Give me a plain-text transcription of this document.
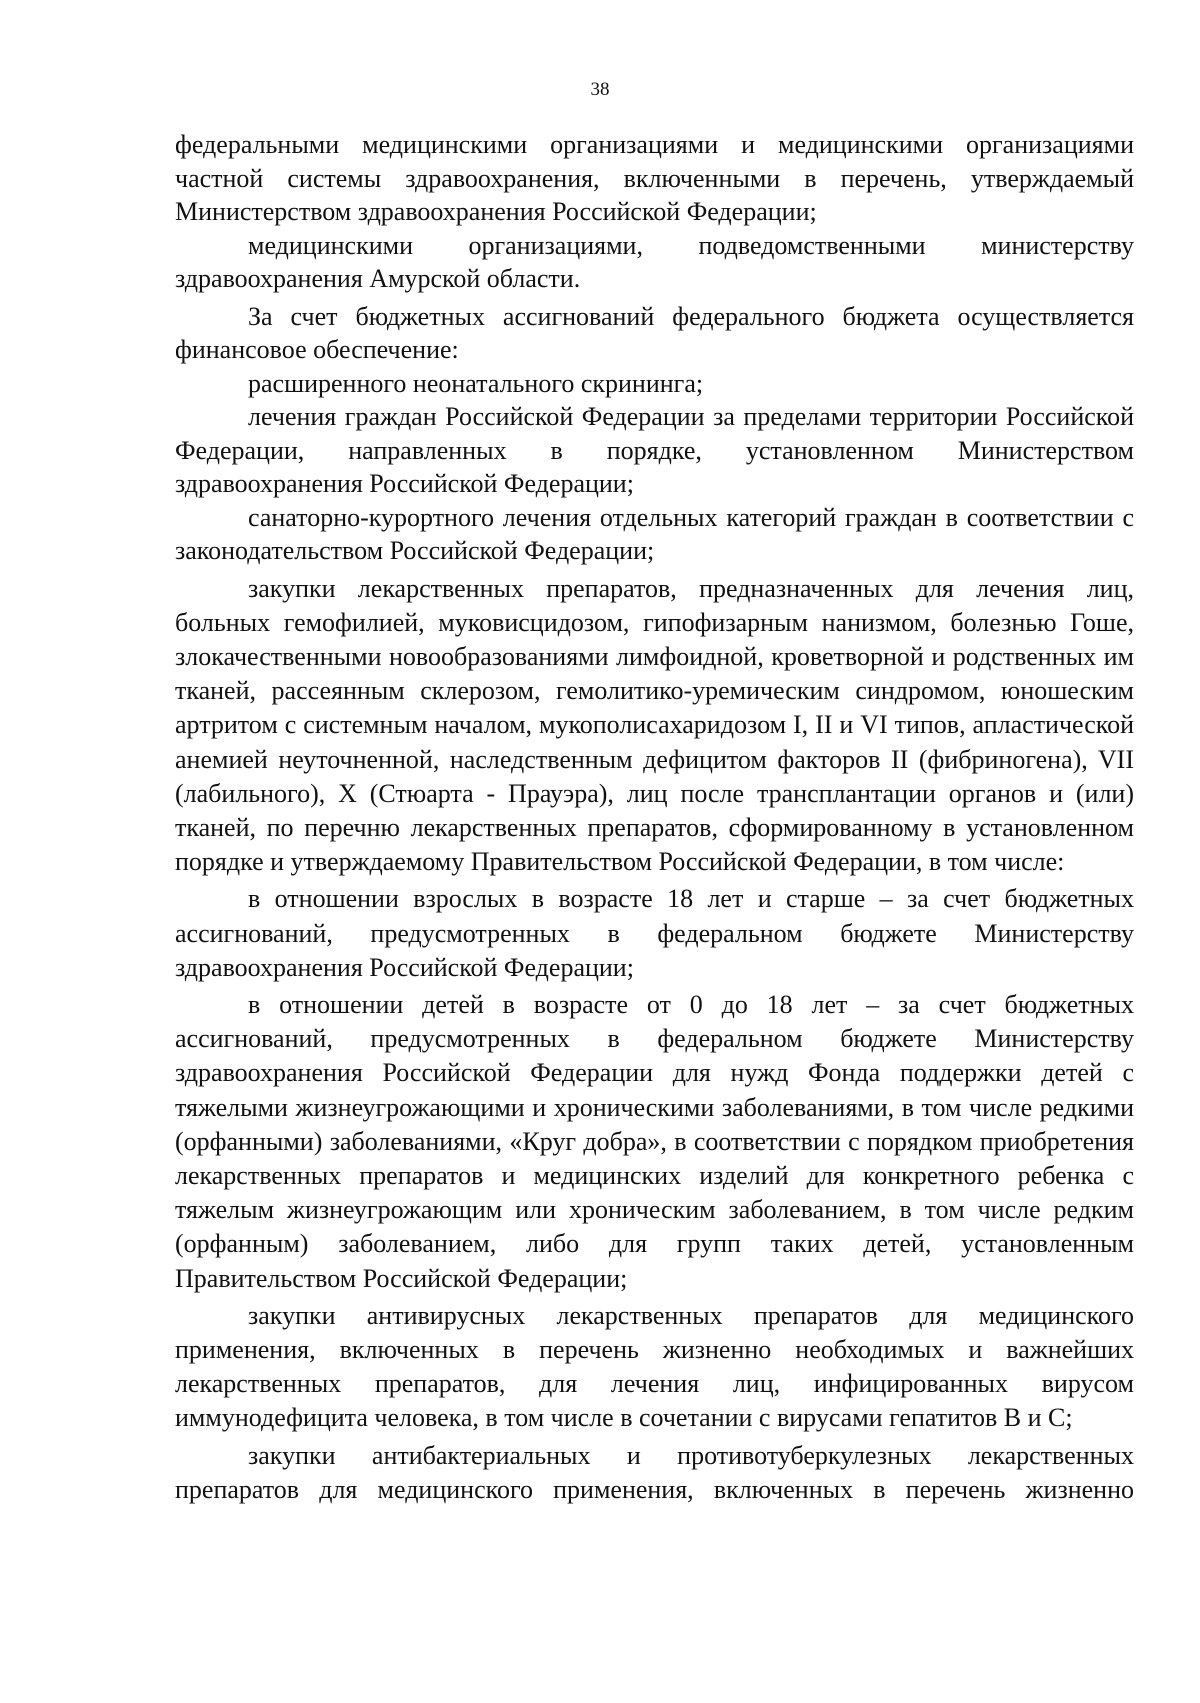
38

федеральными медицинскими организациями и медицинскими организациями частной системы здравоохранения, включенными в перечень, утверждаемый Министерством здравоохранения Российской Федерации;

медицинскими организациями, подведомственными министерству здравоохранения Амурской области.

За счет бюджетных ассигнований федерального бюджета осуществляется финансовое обеспечение:

расширенного неонатального скрининга;

лечения граждан Российской Федерации за пределами территории Российской Федерации, направленных в порядке, установленном Министерством здравоохранения Российской Федерации;

санаторно-курортного лечения отдельных категорий граждан в соответствии с законодательством Российской Федерации;

закупки лекарственных препаратов, предназначенных для лечения лиц, больных гемофилией, муковисцидозом, гипофизарным нанизмом, болезнью Гоше, злокачественными новообразованиями лимфоидной, кроветворной и родственных им тканей, рассеянным склерозом, гемолитико-уремическим синдромом, юношеским артритом с системным началом, мукополисахаридозом I, II и VI типов, апластической анемией неуточненной, наследственным дефицитом факторов II (фибриногена), VII (лабильного), X (Стюарта - Прауэра), лиц после трансплантации органов и (или) тканей, по перечню лекарственных препаратов, сформированному в установленном порядке и утверждаемому Правительством Российской Федерации, в том числе:

в отношении взрослых в возрасте 18 лет и старше – за счет бюджетных ассигнований, предусмотренных в федеральном бюджете Министерству здравоохранения Российской Федерации;

в отношении детей в возрасте от 0 до 18 лет – за счет бюджетных ассигнований, предусмотренных в федеральном бюджете Министерству здравоохранения Российской Федерации для нужд Фонда поддержки детей с тяжелыми жизнеугрожающими и хроническими заболеваниями, в том числе редкими (орфанными) заболеваниями, «Круг добра», в соответствии с порядком приобретения лекарственных препаратов и медицинских изделий для конкретного ребенка с тяжелым жизнеугрожающим или хроническим заболеванием, в том числе редким (орфанным) заболеванием, либо для групп таких детей, установленным Правительством Российской Федерации;

закупки антивирусных лекарственных препаратов для медицинского применения, включенных в перечень жизненно необходимых и важнейших лекарственных препаратов, для лечения лиц, инфицированных вирусом иммунодефицита человека, в том числе в сочетании с вирусами гепатитов B и C;

закупки антибактериальных и противотуберкулезных лекарственных препаратов для медицинского применения, включенных в перечень жизненно
